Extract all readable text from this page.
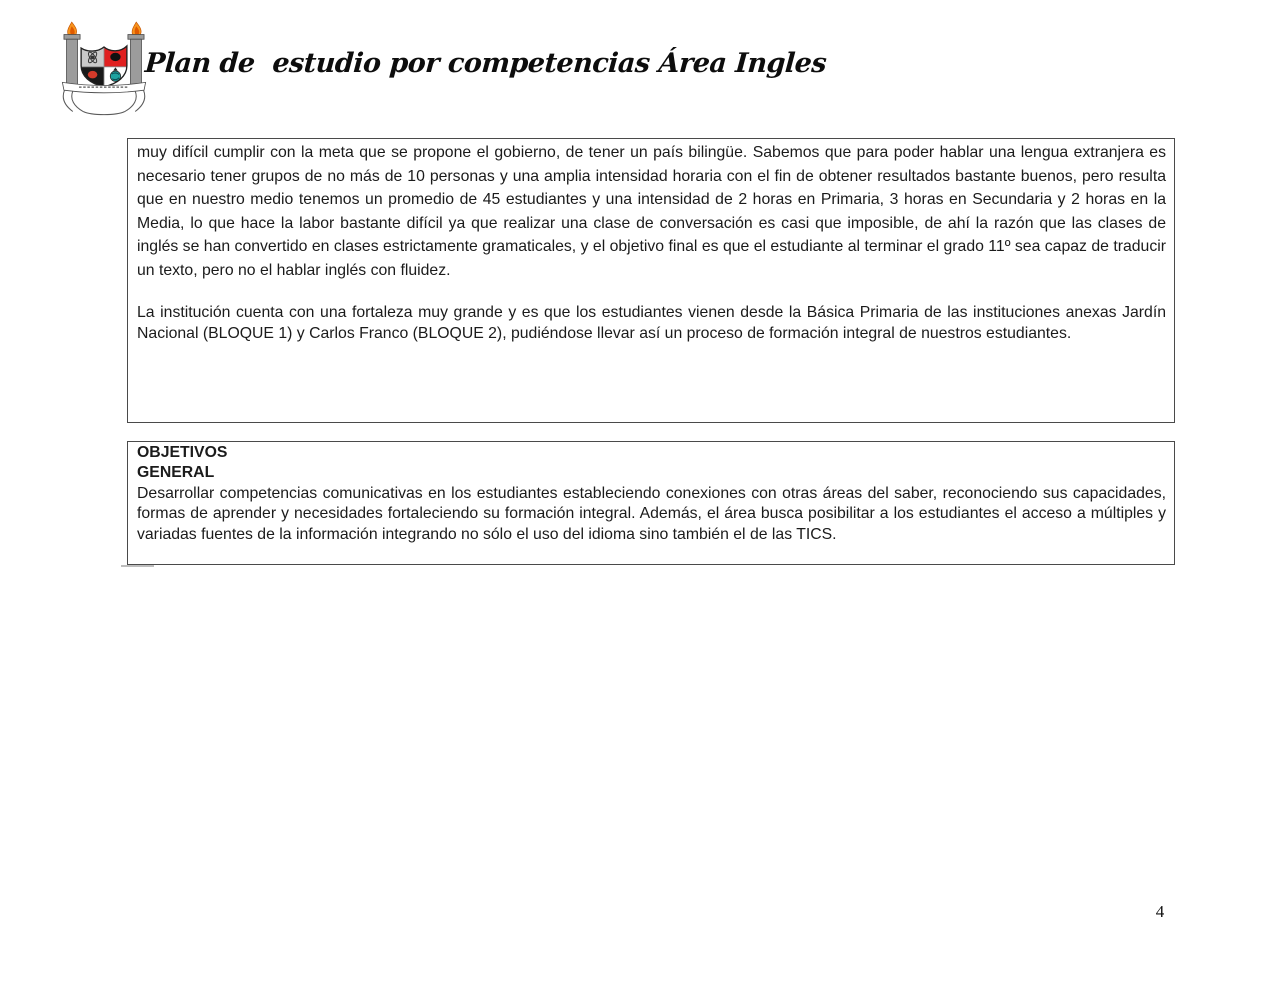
Plan de  estudio por competencias Área Ingles

muy difícil cumplir con la meta que se propone el gobierno, de tener un país bilingüe. Sabemos que para poder hablar una lengua extranjera es necesario tener grupos de no más de 10 personas y una amplia intensidad horaria con el fin de obtener resultados bastante buenos, pero resulta que en nuestro medio tenemos un promedio de 45 estudiantes y una intensidad de 2 horas en Primaria, 3 horas en Secundaria y 2 horas en la Media, lo que hace la labor bastante difícil ya que realizar una clase de conversación es casi que imposible, de ahí la razón que las clases de inglés se han convertido en clases estrictamente gramaticales, y el objetivo final es que el estudiante al terminar el grado 11º sea capaz de traducir un texto, pero no el hablar inglés con fluidez.

La institución cuenta con una fortaleza muy grande y es que los estudiantes vienen desde la Básica Primaria de las instituciones anexas Jardín Nacional (BLOQUE 1) y Carlos Franco (BLOQUE 2), pudiéndose llevar así un proceso de formación integral de nuestros estudiantes.

OBJETIVOS
GENERAL

Desarrollar competencias comunicativas en los estudiantes estableciendo conexiones con otras áreas del saber, reconociendo sus capacidades, formas de aprender y necesidades fortaleciendo su formación integral. Además, el área busca posibilitar a los estudiantes el acceso a múltiples y variadas fuentes de la información integrando no sólo el uso del idioma sino también el de las TICS.

4
